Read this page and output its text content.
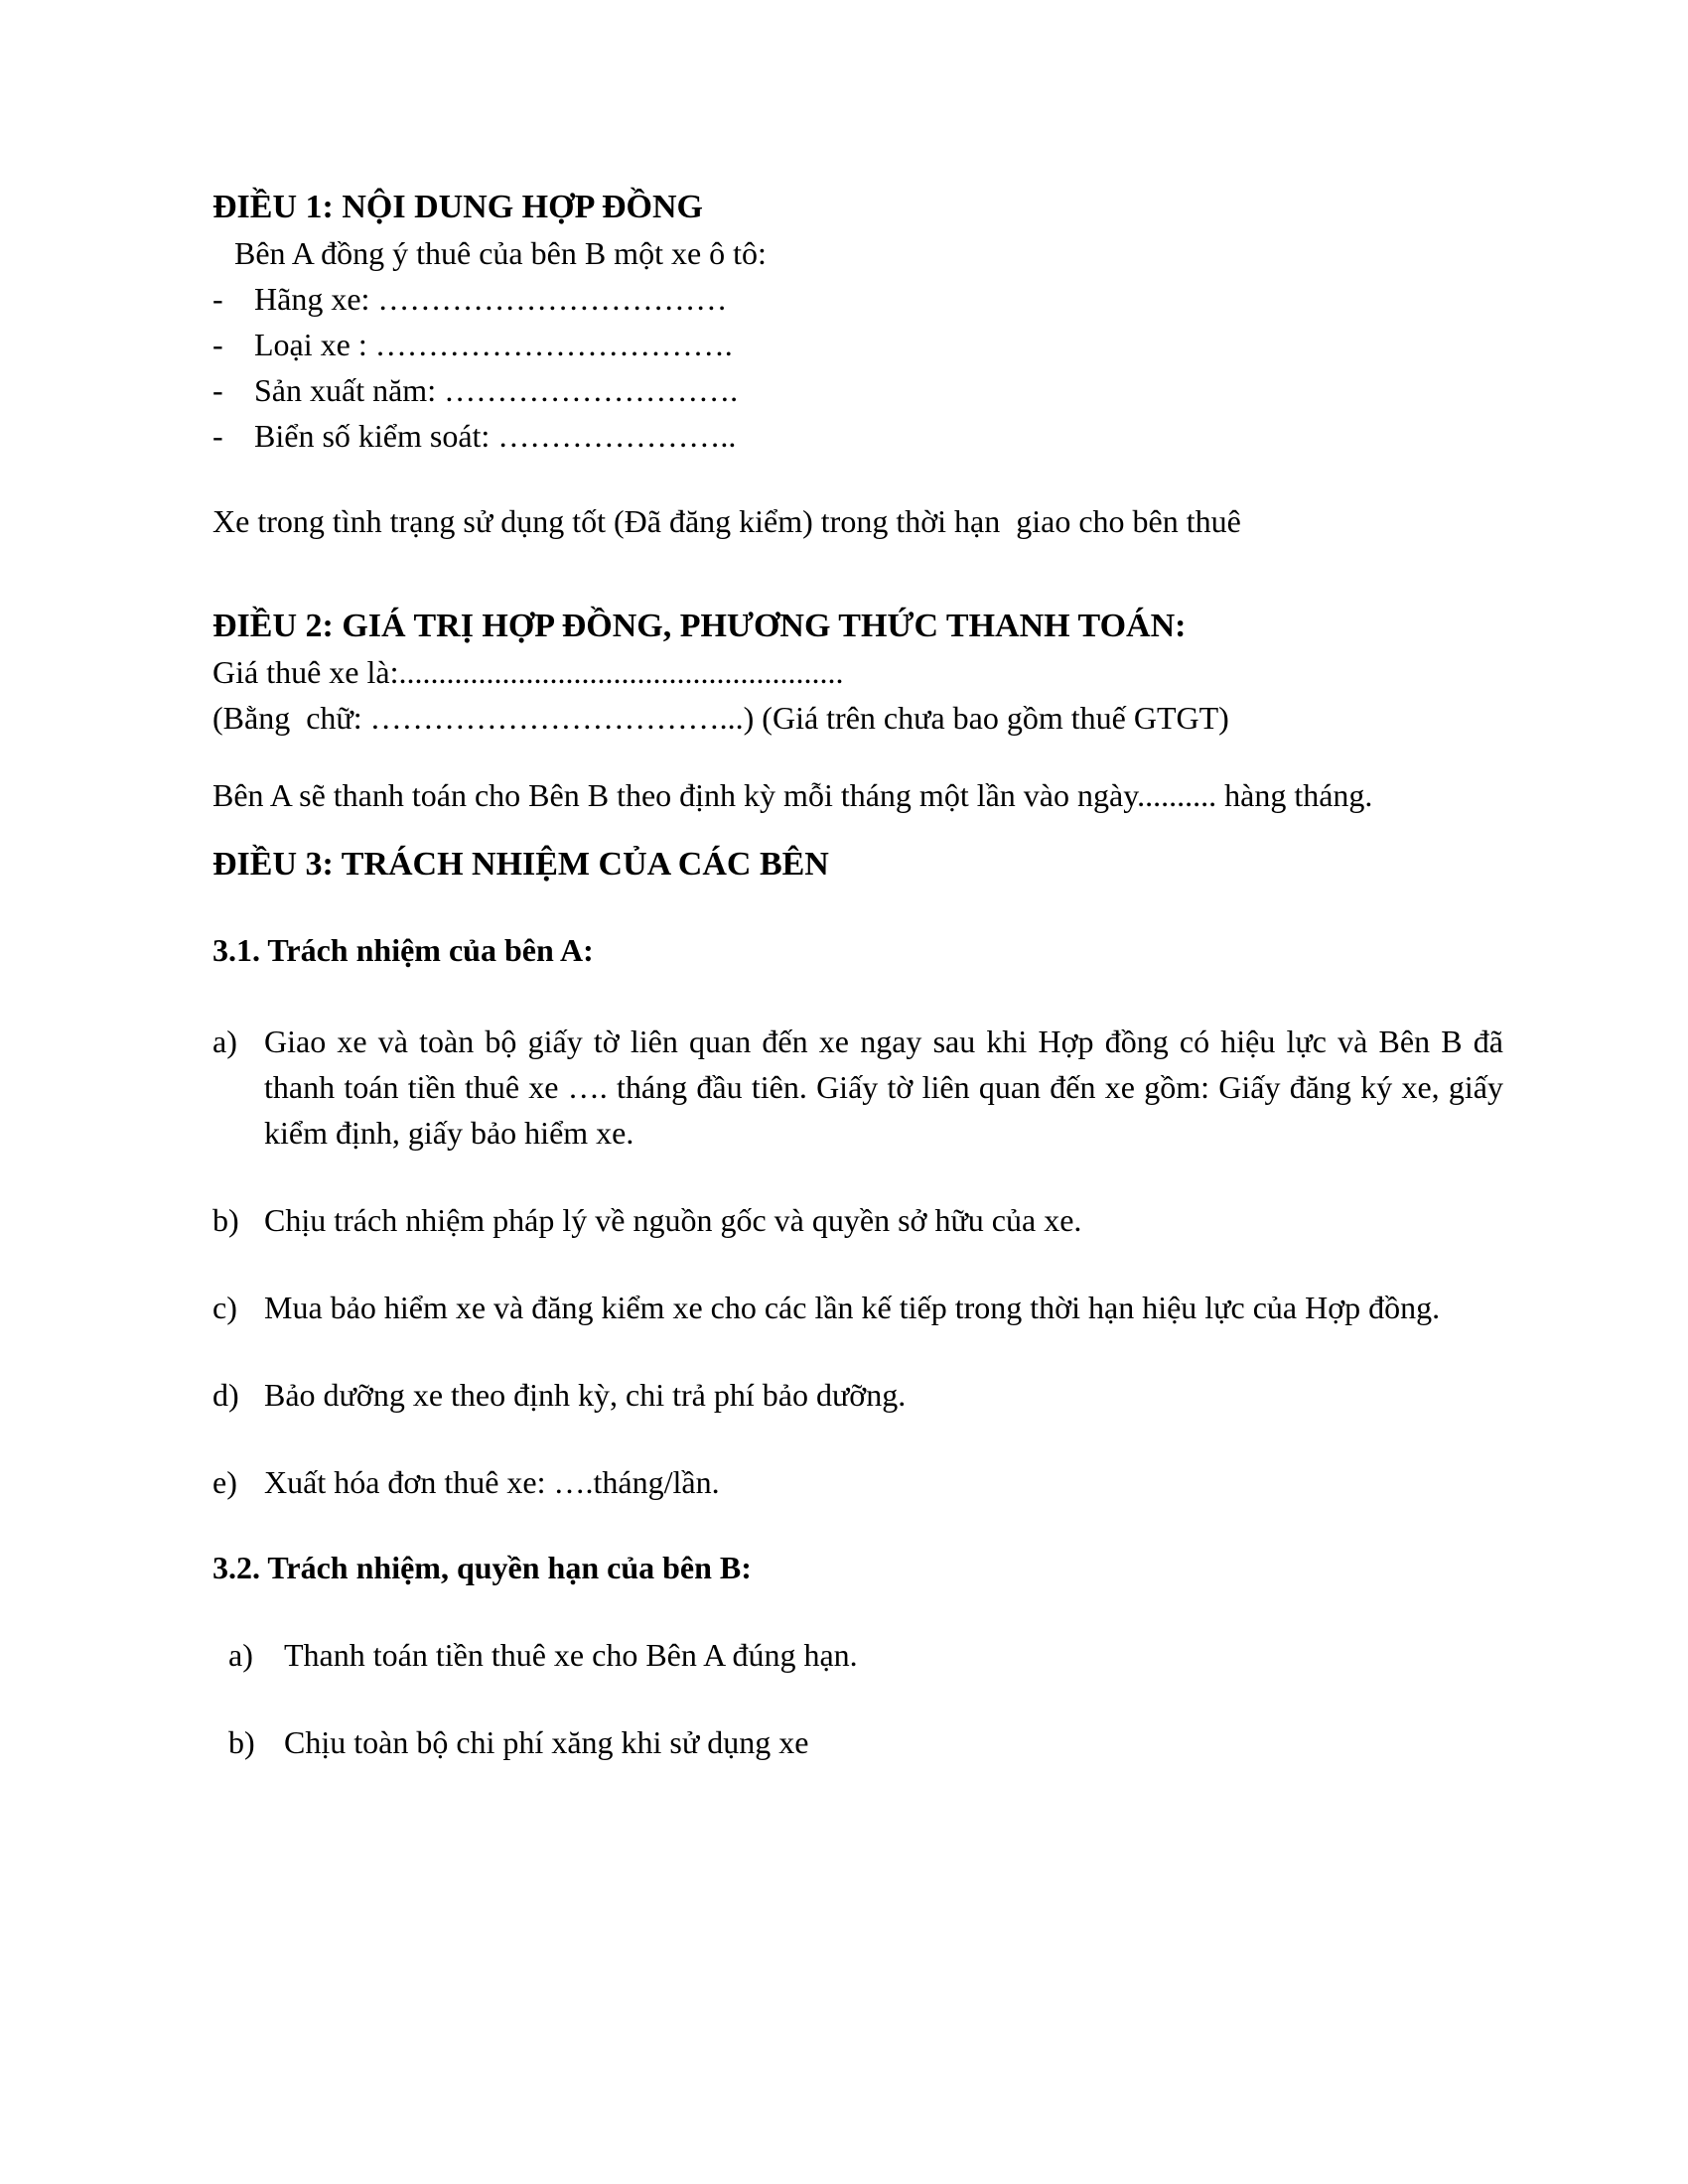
ĐIỀU 1: NỘI DUNG HỢP ĐỒNG

Bên A đồng ý thuê của bên B một xe ô tô:

- Hãng xe: ……………………………
- Loại xe : …………………………….
- Sản xuất năm: ……………………….
- Biển số kiểm soát: …………………..

Xe trong tình trạng sử dụng tốt (Đã đăng kiểm) trong thời hạn  giao cho bên thuê

ĐIỀU 2: GIÁ TRỊ HỢP ĐỒNG, PHƯƠNG THỨC THANH TOÁN:

Giá thuê xe là:........................................................

(Bằng  chữ: ……………………………...) (Giá trên chưa bao gồm thuế GTGT)

Bên A sẽ thanh toán cho Bên B theo định kỳ mỗi tháng một lần vào ngày.......... hàng tháng.

ĐIỀU 3: TRÁCH NHIỆM CỦA CÁC BÊN
3.1. Trách nhiệm của bên A:
a) Giao xe và toàn bộ giấy tờ liên quan đến xe ngay sau khi Hợp đồng có hiệu lực và Bên B đã thanh toán tiền thuê xe …. tháng đầu tiên. Giấy tờ liên quan đến xe gồm: Giấy đăng ký xe, giấy kiểm định, giấy bảo hiểm xe.
b) Chịu trách nhiệm pháp lý về nguồn gốc và quyền sở hữu của xe.
c) Mua bảo hiểm xe và đăng kiểm xe cho các lần kế tiếp trong thời hạn hiệu lực của Hợp đồng.
d) Bảo dưỡng xe theo định kỳ, chi trả phí bảo dưỡng.
e) Xuất hóa đơn thuê xe: ….tháng/lần.
3.2. Trách nhiệm, quyền hạn của bên B:
a) Thanh toán tiền thuê xe cho Bên A đúng hạn.
b) Chịu toàn bộ chi phí xăng khi sử dụng xe
